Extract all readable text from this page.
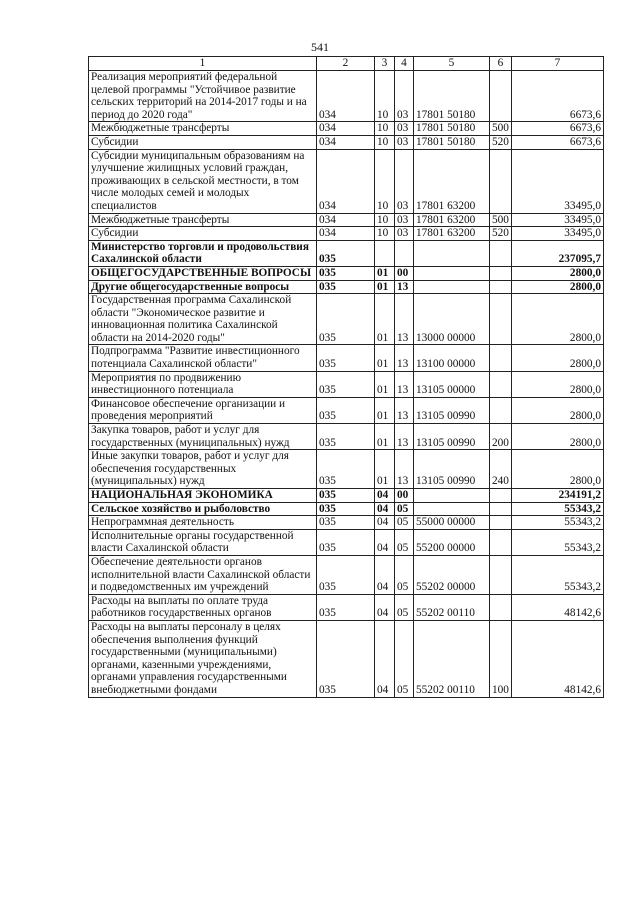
541
1	2	3	4	5	6	7
Реализация мероприятий федеральной целевой программы "Устойчивое развитие сельских территорий на 2014-2017 годы и на период до 2020 года"	034	10	03	17801 50180		6673,6
Межбюджетные трансферты	034	10	03	17801 50180	500	6673,6
Субсидии	034	10	03	17801 50180	520	6673,6
Субсидии муниципальным образованиям на улучшение жилищных условий граждан, проживающих в сельской местности, в том числе молодых семей и молодых специалистов	034	10	03	17801 63200		33495,0
Межбюджетные трансферты	034	10	03	17801 63200	500	33495,0
Субсидии	034	10	03	17801 63200	520	33495,0
Министерство торговли и продовольствия Сахалинской области	035					237095,7
ОБЩЕГОСУДАРСТВЕННЫЕ ВОПРОСЫ	035	01	00			2800,0
Другие общегосударственные вопросы	035	01	13			2800,0
Государственная программа Сахалинской области "Экономическое развитие и инновационная политика Сахалинской области на 2014-2020 годы"	035	01	13	13000 00000		2800,0
Подпрограмма "Развитие инвестиционного потенциала Сахалинской области"	035	01	13	13100 00000		2800,0
Мероприятия по продвижению инвестиционного потенциала	035	01	13	13105 00000		2800,0
Финансовое обеспечение организации и проведения мероприятий	035	01	13	13105 00990		2800,0
Закупка товаров, работ и услуг для государственных (муниципальных) нужд	035	01	13	13105 00990	200	2800,0
Иные закупки товаров, работ и услуг для обеспечения государственных (муниципальных) нужд	035	01	13	13105 00990	240	2800,0
НАЦИОНАЛЬНАЯ ЭКОНОМИКА	035	04	00			234191,2
Сельское хозяйство и рыболовство	035	04	05			55343,2
Непрограммная деятельность	035	04	05	55000 00000		55343,2
Исполнительные органы государственной власти Сахалинской области	035	04	05	55200 00000		55343,2
Обеспечение деятельности органов исполнительной власти Сахалинской области и подведомственных им учреждений	035	04	05	55202 00000		55343,2
Расходы на выплаты по оплате труда работников государственных органов	035	04	05	55202 00110		48142,6
Расходы на выплаты персоналу в целях обеспечения выполнения функций государственными (муниципальными) органами, казенными учреждениями, органами управления государственными внебюджетными фондами	035	04	05	55202 00110	100	48142,6
